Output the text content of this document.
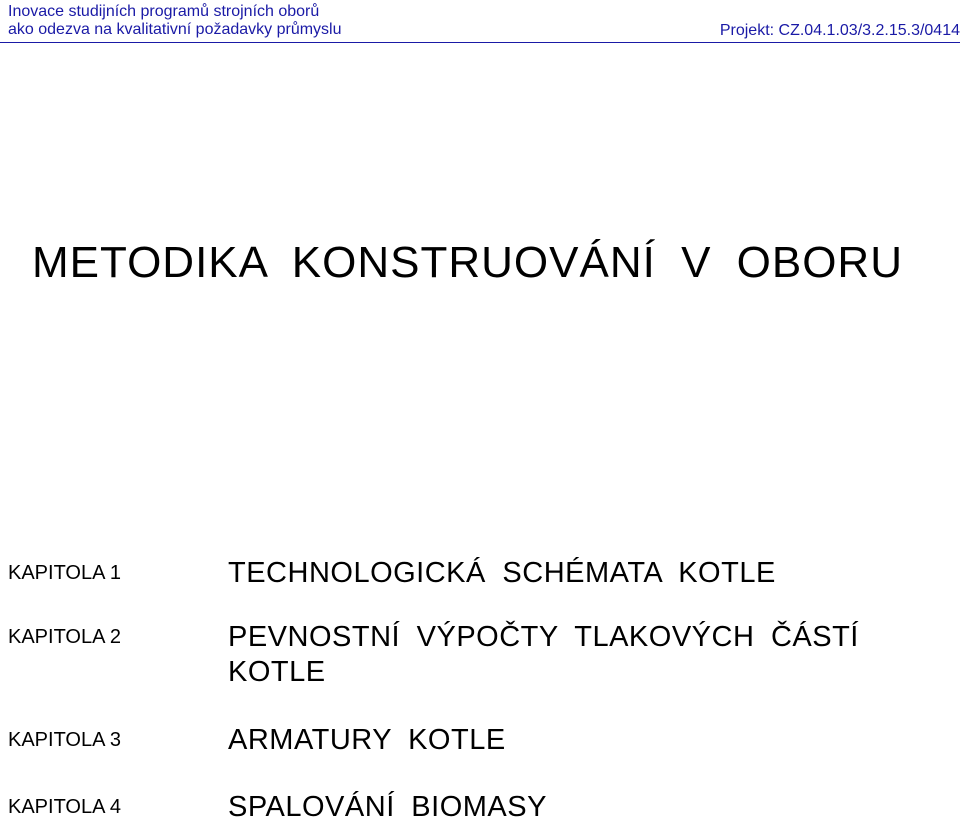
Inovace studijních programů strojních oborů
ako odezva na kvalitativní požadavky průmyslu	Projekt: CZ.04.1.03/3.2.15.3/0414
METODIKA KONSTRUOVÁNÍ V OBORU
KAPITOLA 1	TECHNOLOGICKÁ SCHÉMATA KOTLE
KAPITOLA 2	PEVNOSTNÍ VÝPOČTY TLAKOVÝCH ČÁSTÍ KOTLE
KAPITOLA 3	ARMATURY KOTLE
KAPITOLA 4	SPALOVÁNÍ BIOMASY
